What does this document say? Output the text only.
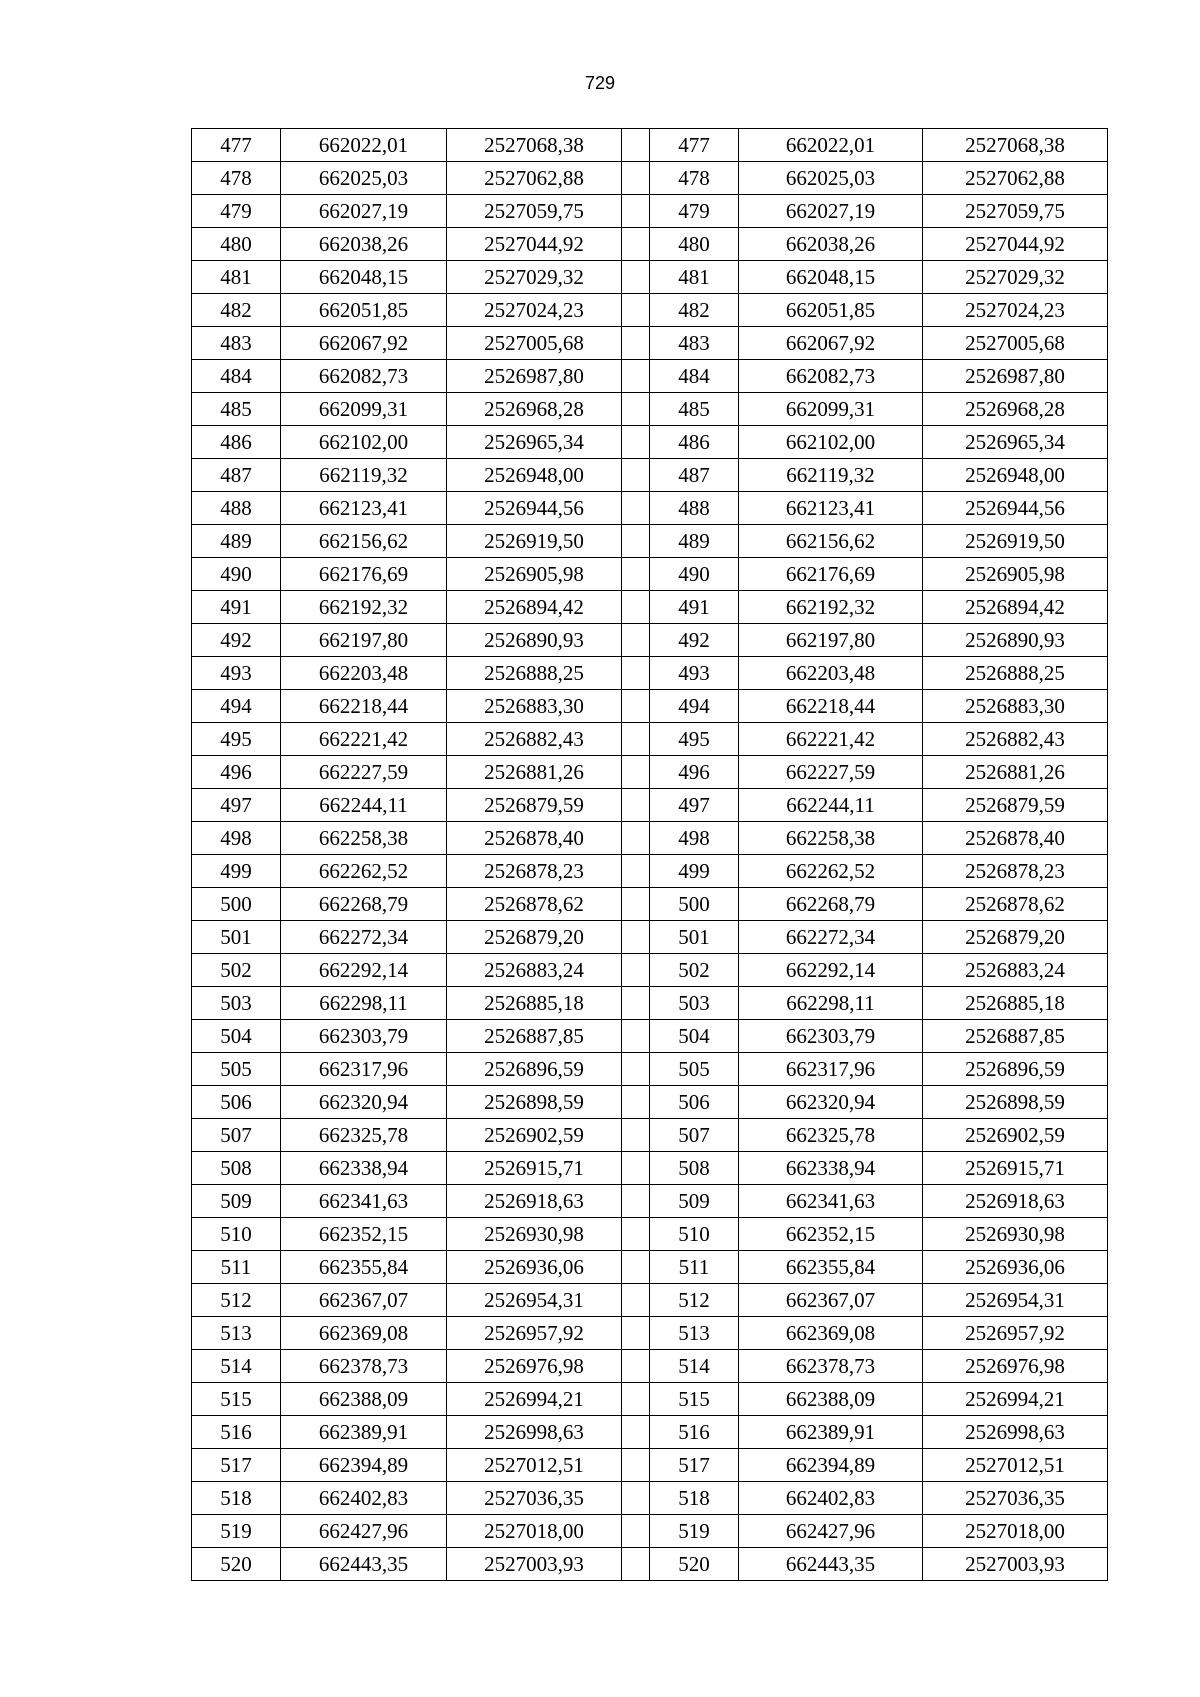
729
477	662022,01	2527068,38		477	662022,01	2527068,38
478	662025,03	2527062,88		478	662025,03	2527062,88
479	662027,19	2527059,75		479	662027,19	2527059,75
480	662038,26	2527044,92		480	662038,26	2527044,92
481	662048,15	2527029,32		481	662048,15	2527029,32
482	662051,85	2527024,23		482	662051,85	2527024,23
483	662067,92	2527005,68		483	662067,92	2527005,68
484	662082,73	2526987,80		484	662082,73	2526987,80
485	662099,31	2526968,28		485	662099,31	2526968,28
486	662102,00	2526965,34		486	662102,00	2526965,34
487	662119,32	2526948,00		487	662119,32	2526948,00
488	662123,41	2526944,56		488	662123,41	2526944,56
489	662156,62	2526919,50		489	662156,62	2526919,50
490	662176,69	2526905,98		490	662176,69	2526905,98
491	662192,32	2526894,42		491	662192,32	2526894,42
492	662197,80	2526890,93		492	662197,80	2526890,93
493	662203,48	2526888,25		493	662203,48	2526888,25
494	662218,44	2526883,30		494	662218,44	2526883,30
495	662221,42	2526882,43		495	662221,42	2526882,43
496	662227,59	2526881,26		496	662227,59	2526881,26
497	662244,11	2526879,59		497	662244,11	2526879,59
498	662258,38	2526878,40		498	662258,38	2526878,40
499	662262,52	2526878,23		499	662262,52	2526878,23
500	662268,79	2526878,62		500	662268,79	2526878,62
501	662272,34	2526879,20		501	662272,34	2526879,20
502	662292,14	2526883,24		502	662292,14	2526883,24
503	662298,11	2526885,18		503	662298,11	2526885,18
504	662303,79	2526887,85		504	662303,79	2526887,85
505	662317,96	2526896,59		505	662317,96	2526896,59
506	662320,94	2526898,59		506	662320,94	2526898,59
507	662325,78	2526902,59		507	662325,78	2526902,59
508	662338,94	2526915,71		508	662338,94	2526915,71
509	662341,63	2526918,63		509	662341,63	2526918,63
510	662352,15	2526930,98		510	662352,15	2526930,98
511	662355,84	2526936,06		511	662355,84	2526936,06
512	662367,07	2526954,31		512	662367,07	2526954,31
513	662369,08	2526957,92		513	662369,08	2526957,92
514	662378,73	2526976,98		514	662378,73	2526976,98
515	662388,09	2526994,21		515	662388,09	2526994,21
516	662389,91	2526998,63		516	662389,91	2526998,63
517	662394,89	2527012,51		517	662394,89	2527012,51
518	662402,83	2527036,35		518	662402,83	2527036,35
519	662427,96	2527018,00		519	662427,96	2527018,00
520	662443,35	2527003,93		520	662443,35	2527003,93
